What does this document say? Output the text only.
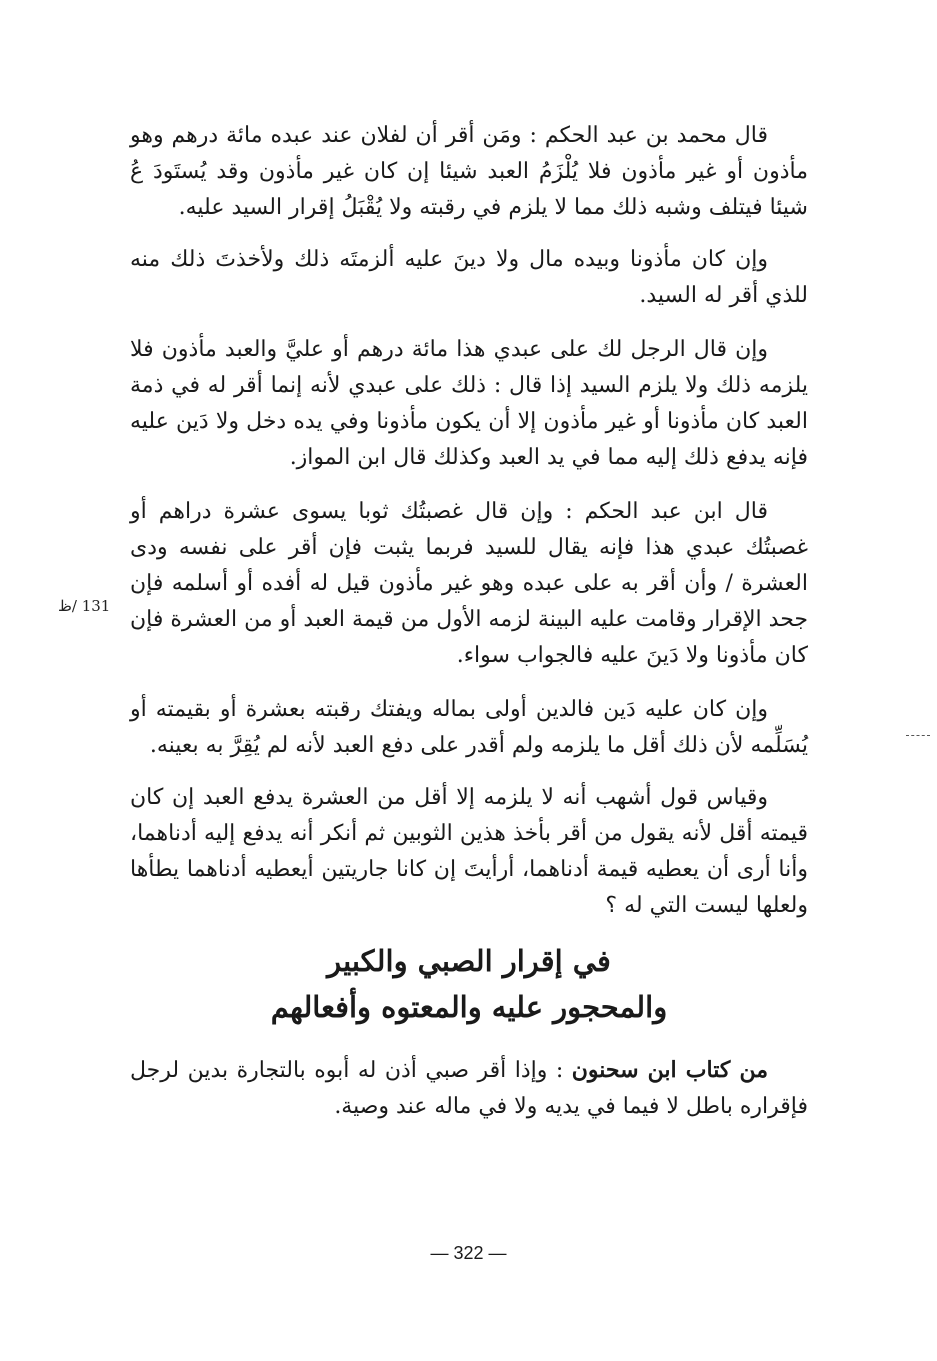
قال محمد بن عبد الحكم : ومَن أقر أن لفلان عند عبده مائة درهم وهو مأذون أو غير مأذون فلا يُلْزَمُ العبد شيئا إن كان غير مأذون وقد يُستَودَ عُ شيئا فيتلف وشبه ذلك مما لا يلزم في رقبته ولا يُقْبَلُ إقرار السيد عليه.

وإن كان مأذونا وبيده مال ولا دينَ عليه ألزمتَه ذلك ولأخذتَ ذلك منه للذي أقر له السيد.

وإن قال الرجل لك على عبدي هذا مائة درهم أو عليَّ والعبد مأذون فلا يلزمه ذلك ولا يلزم السيد إذا قال : ذلك على عبدي لأنه إنما أقر له في ذمة العبد كان مأذونا أو غير مأذون إلا أن يكون مأذونا وفي يده دخل ولا دَين عليه فإنه يدفع ذلك إليه مما في يد العبد وكذلك قال ابن المواز.

قال ابن عبد الحكم : وإن قال غصبتُك ثوبا يسوى عشرة دراهم أو غصبتُك عبدي هذا فإنه يقال للسيد فربما يثبت فإن أقر على نفسه ودى العشرة / وأن أقر به على عبده وهو غير مأذون قيل له أفده أو أسلمه فإن جحد الإقرار وقامت عليه البينة لزمه الأول من قيمة العبد أو من العشرة فإن كان مأذونا ولا دَينَ عليه فالجواب سواء.

وإن كان عليه دَين فالدين أولى بماله ويفتك رقبته بعشرة أو بقيمته أو يُسَلِّمه لأن ذلك أقل ما يلزمه ولم أقدر على دفع العبد لأنه لم يُقِرَّ به بعينه.

وقياس قول أشهب أنه لا يلزمه إلا أقل من العشرة يدفع العبد إن كان قيمته أقل لأنه يقول من أقر بأخذ هذين الثوبين ثم أنكر أنه يدفع إليه أدناهما، وأنا أرى أن يعطيه قيمة أدناهما، أرأيتَ إن كانا جاريتين أيعطيه أدناهما يطأها ولعلها ليست التي له ؟

في إقرار الصبي والكبير
والمحجور عليه والمعتوه وأفعالهم

من كتاب ابن سحنون : وإذا أقر صبي أذن له أبوه بالتجارة بدين لرجل فإقراره باطل لا فيما في يديه ولا في ماله عند وصية.

131 /ظ
— 322 —
